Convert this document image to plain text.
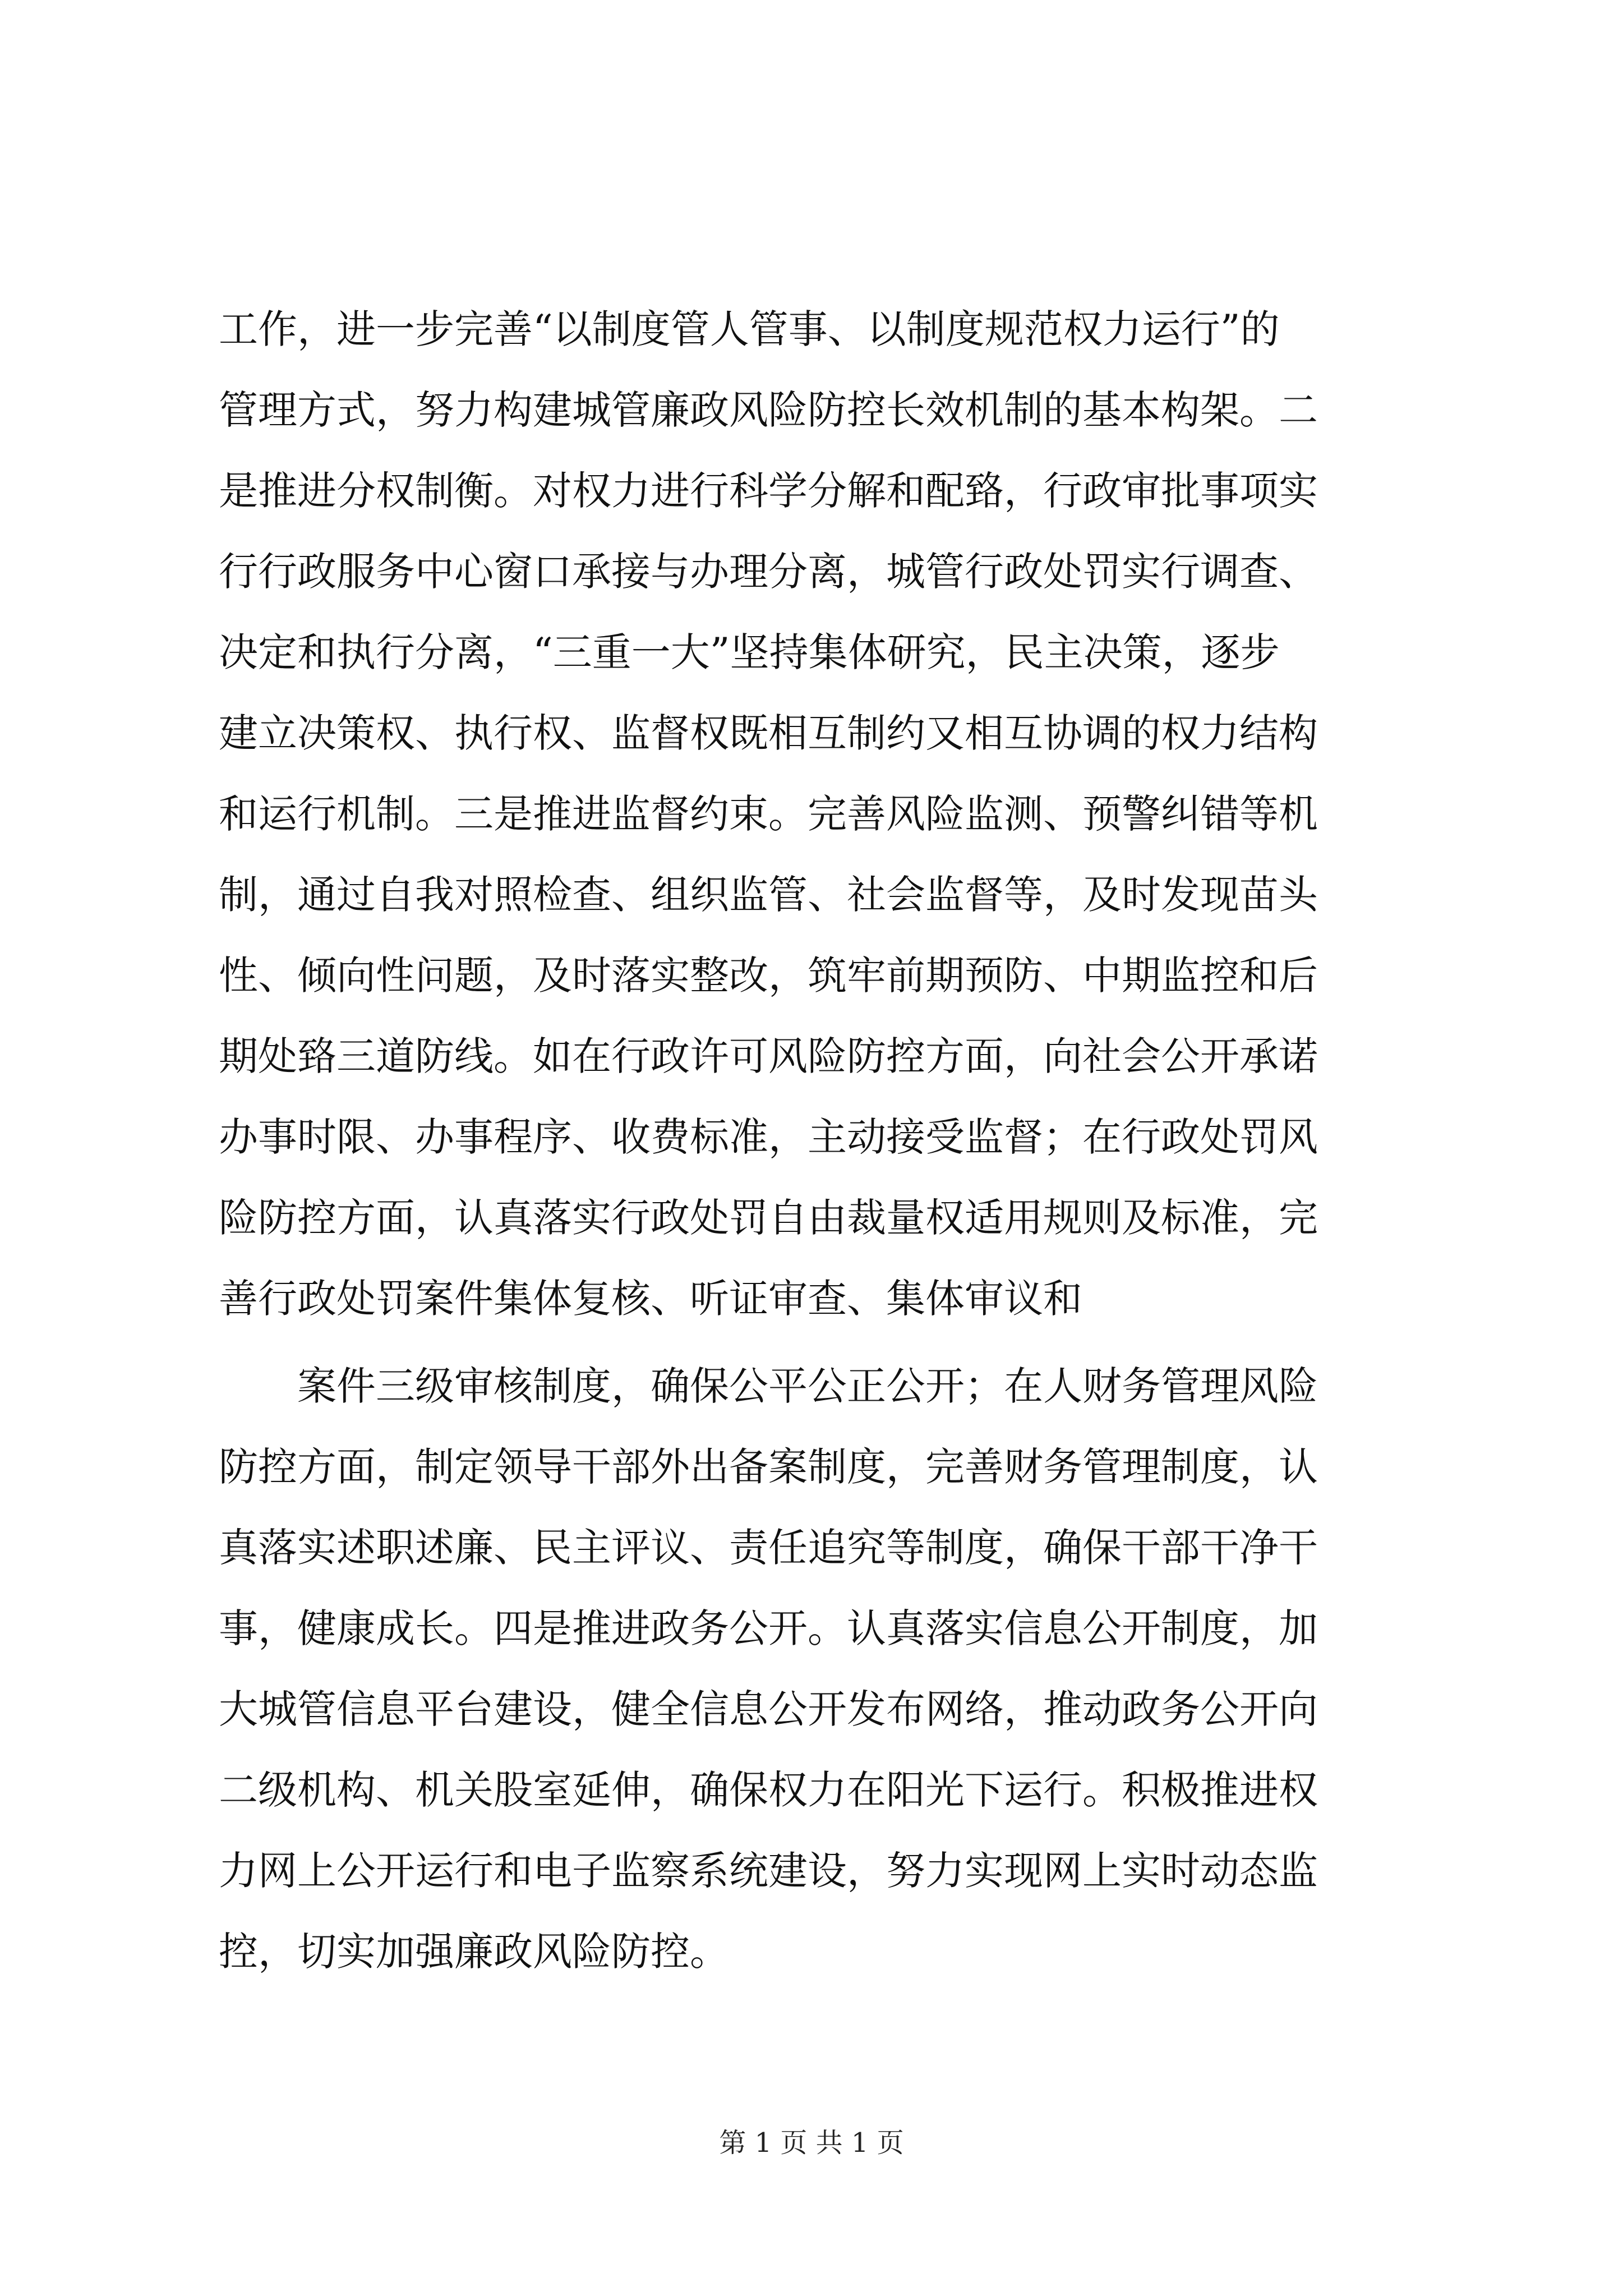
工作，进一步完善“以制度管人管事、以制度规范权力运行”的
管理方式，努力构建城管廉政风险防控长效机制的基本构架。二
是推进分权制衡。对权力进行科学分解和配臵，行政审批事项实
行行政服务中心窗口承接与办理分离，城管行政处罚实行调查、
决定和执行分离，“三重一大”坚持集体研究，民主决策，逐步
建立决策权、执行权、监督权既相互制约又相互协调的权力结构
和运行机制。三是推进监督约束。完善风险监测、预警纠错等机
制，通过自我对照检查、组织监管、社会监督等，及时发现苗头
性、倾向性问题，及时落实整改，筑牢前期预防、中期监控和后
期处臵三道防线。如在行政许可风险防控方面，向社会公开承诺
办事时限、办事程序、收费标准，主动接受监督；在行政处罚风
险防控方面，认真落实行政处罚自由裁量权适用规则及标准，完
善行政处罚案件集体复核、听证审查、集体审议和

案件三级审核制度，确保公平公正公开；在人财务管理风险
防控方面，制定领导干部外出备案制度，完善财务管理制度，认
真落实述职述廉、民主评议、责任追究等制度，确保干部干净干
事，健康成长。四是推进政务公开。认真落实信息公开制度，加
大城管信息平台建设，健全信息公开发布网络，推动政务公开向
二级机构、机关股室延伸，确保权力在阳光下运行。积极推进权
力网上公开运行和电子监察系统建设，努力实现网上实时动态监
控，切实加强廉政风险防控。

第 1 页 共 1 页
